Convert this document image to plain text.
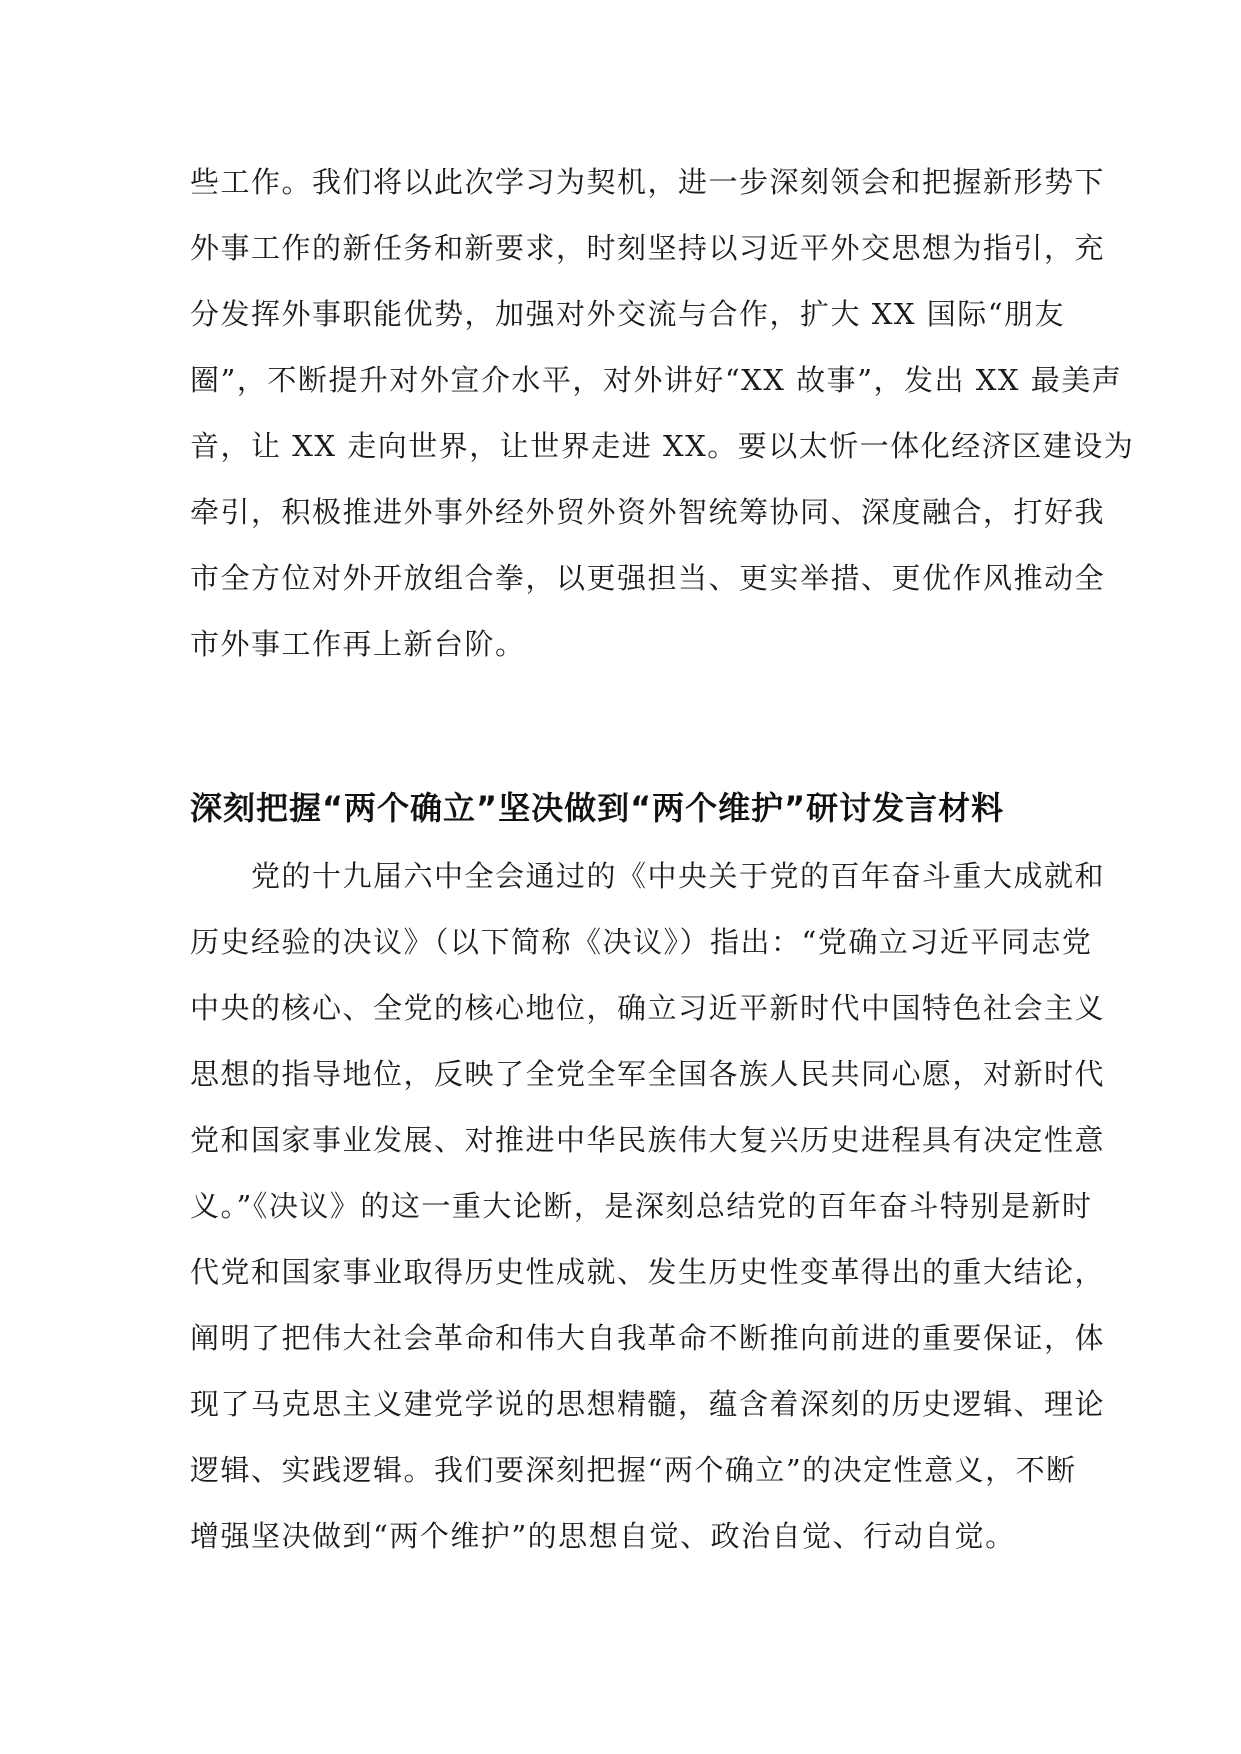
些工作。我们将以此次学习为契机，进一步深刻领会和把握新形势下
外事工作的新任务和新要求，时刻坚持以习近平外交思想为指引，充
分发挥外事职能优势，加强对外交流与合作，扩大 XX 国际“朋友
圈”，不断提升对外宣介水平，对外讲好“XX 故事”，发出 XX 最美声
音，让 XX 走向世界，让世界走进 XX。要以太忻一体化经济区建设为
牵引，积极推进外事外经外贸外资外智统筹协同、深度融合，打好我
市全方位对外开放组合拳，以更强担当、更实举措、更优作风推动全
市外事工作再上新台阶。
深刻把握“两个确立”坚决做到“两个维护”研讨发言材料
　　党的十九届六中全会通过的《中央关于党的百年奋斗重大成就和
历史经验的决议》（以下简称《决议》）指出：“党确立习近平同志党
中央的核心、全党的核心地位，确立习近平新时代中国特色社会主义
思想的指导地位，反映了全党全军全国各族人民共同心愿，对新时代
党和国家事业发展、对推进中华民族伟大复兴历史进程具有决定性意
义。”《决议》的这一重大论断，是深刻总结党的百年奋斗特别是新时
代党和国家事业取得历史性成就、发生历史性变革得出的重大结论，
阐明了把伟大社会革命和伟大自我革命不断推向前进的重要保证，体
现了马克思主义建党学说的思想精髓，蕴含着深刻的历史逻辑、理论
逻辑、实践逻辑。我们要深刻把握“两个确立”的决定性意义，不断
增强坚决做到“两个维护”的思想自觉、政治自觉、行动自觉。
